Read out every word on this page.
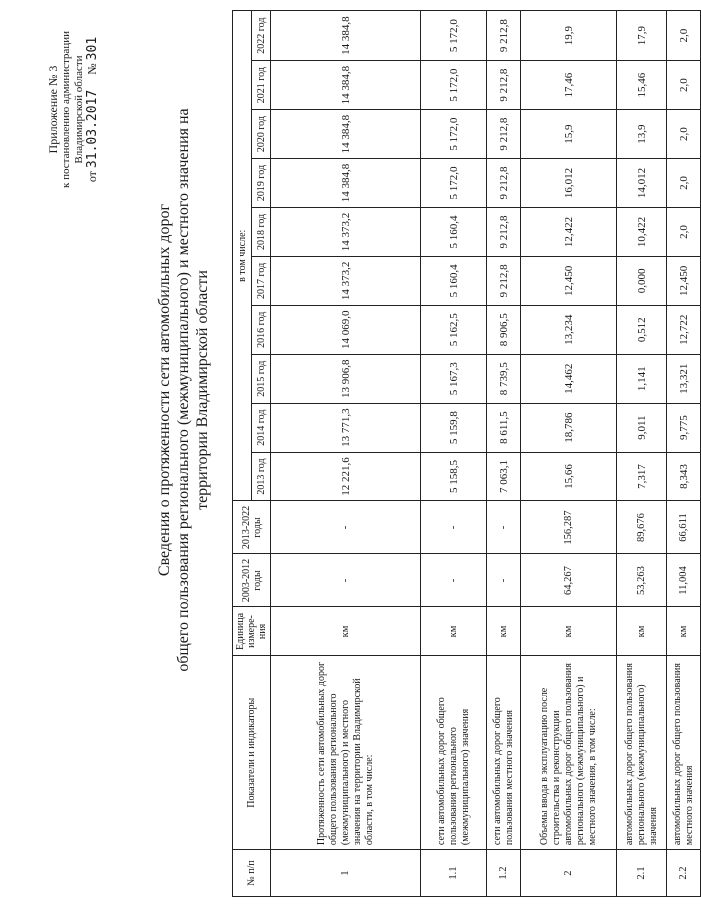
Приложение № 3 к постановлению администрации Владимирской области
от 31.03.2017     № 301
Сведения о протяженности сети автомобильных дорог общего пользования регионального (межмуниципального) и местного значения на территории Владимирской области
№ п/п	Показатели и индикаторы	Единица измере-ния	2003-2012 годы	2013-2022 годы	в том числе:									
					2013 год	2014 год	2015 год	2016 год	2017 год	2018 год	2019 год	2020 год	2021 год	2022 год
1	Протяженность сети автомобильных дорог общего пользования регионального (межмуниципального) и местного значения на территории Владимирской области, в том числе:	км	-	-	12 221,6	13 771,3	13 906,8	14 069,0	14 373,2	14 373,2	14 384,8	14 384,8	14 384,8	14 384,8
1.1	сети автомобильных дорог общего пользования регионального (межмуниципального) значения	км	-	-	5 158,5	5 159,8	5 167,3	5 162,5	5 160,4	5 160,4	5 172,0	5 172,0	5 172,0	5 172,0
1.2	сети автомобильных дорог общего пользования местного значения	км	-	-	7 063,1	8 611,5	8 739,5	8 906,5	9 212,8	9 212,8	9 212,8	9 212,8	9 212,8	9 212,8
2	Объемы ввода в эксплуатацию после строительства и реконструкции автомобильных дорог общего пользования регионального (межмуниципального) и местного значения, в том числе:	км	64,267	156,287	15,66	18,786	14,462	13,234	12,450	12,422	16,012	15,9	17,46	19,9
2.1	автомобильных дорог общего пользования регионального (межмуниципального) значения	км	53,263	89,676	7,317	9,011	1,141	0,512	0,000	10,422	14,012	13,9	15,46	17,9
2.2	автомобильных дорог общего пользования местного значения	км	11,004	66,611	8,343	9,775	13,321	12,722	12,450	2,0	2,0	2,0	2,0	2,0
